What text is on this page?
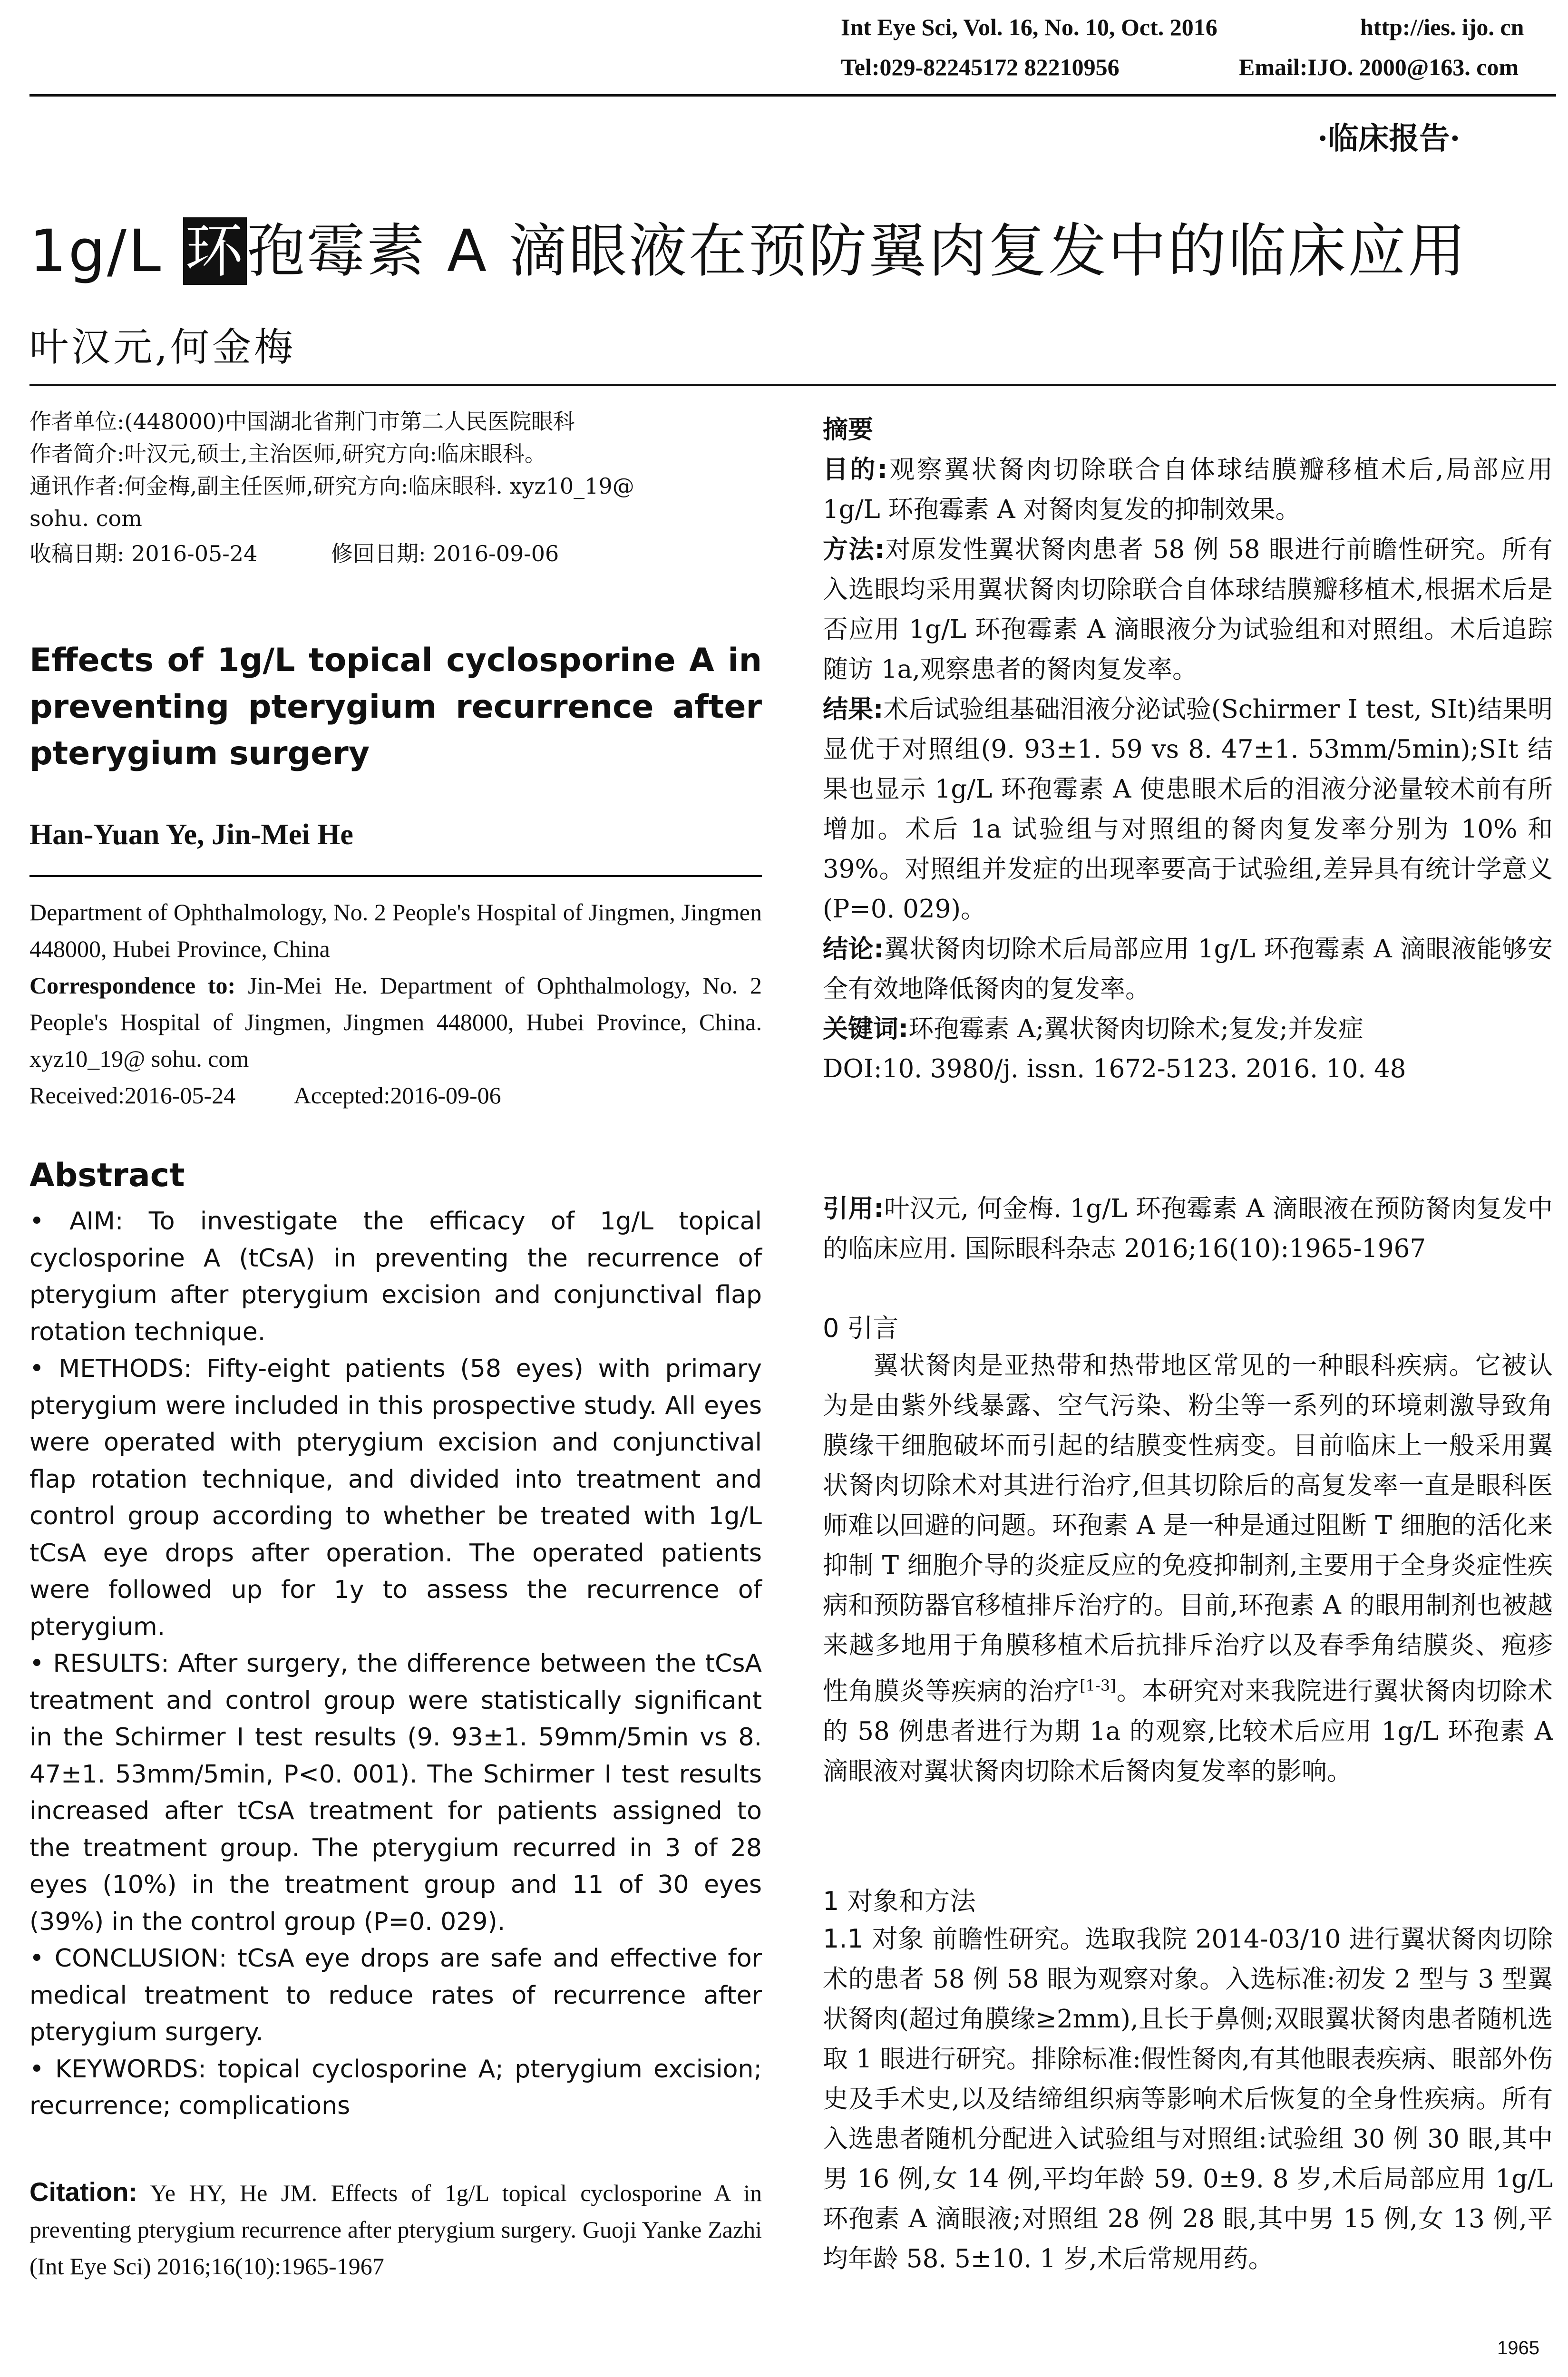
Int Eye Sci, Vol. 16, No. 10, Oct. 2016	http://ies. ijo. cn
Tel:029-82245172 82210956	Email:IJO. 2000@163. com
·临床报告·
1g/L 环孢霉素 A 滴眼液在预防翼肉复发中的临床应用
叶汉元,何金梅
作者单位:(448000)中国湖北省荆门市第二人民医院眼科
作者简介:叶汉元,硕士,主治医师,研究方向:临床眼科。
通讯作者:何金梅,副主任医师,研究方向:临床眼科. xyz10_19@
sohu. com
收稿日期: 2016-05-24	修回日期: 2016-09-06
Effects of 1g/L topical cyclosporine A in preventing pterygium recurrence after pterygium surgery
Han-Yuan Ye, Jin-Mei He
Department of Ophthalmology, No. 2 People's Hospital of Jingmen, Jingmen 448000, Hubei Province, China
Correspondence to: Jin-Mei He. Department of Ophthalmology, No. 2 People's Hospital of Jingmen, Jingmen 448000, Hubei Province, China. xyz10_19@ sohu. com
Received:2016-05-24 Accepted:2016-09-06
Abstract

• AIM: To investigate the efficacy of 1g/L topical cyclosporine A (tCsA) in preventing the recurrence of pterygium after pterygium excision and conjunctival flap rotation technique.

• METHODS: Fifty-eight patients (58 eyes) with primary pterygium were included in this prospective study. All eyes were operated with pterygium excision and conjunctival flap rotation technique, and divided into treatment and control group according to whether be treated with 1g/L tCsA eye drops after operation. The operated patients were followed up for 1y to assess the recurrence of pterygium.

• RESULTS: After surgery, the difference between the tCsA treatment and control group were statistically significant in the Schirmer I test results (9. 93±1. 59mm/5min vs 8. 47±1. 53mm/5min, P<0. 001). The Schirmer I test results increased after tCsA treatment for patients assigned to the treatment group. The pterygium recurred in 3 of 28 eyes (10%) in the treatment group and 11 of 30 eyes (39%) in the control group (P=0. 029).

• CONCLUSION: tCsA eye drops are safe and effective for medical treatment to reduce rates of recurrence after pterygium surgery.

• KEYWORDS: topical cyclosporine A; pterygium excision; recurrence; complications

Citation: Ye HY, He JM. Effects of 1g/L topical cyclosporine A in preventing pterygium recurrence after pterygium surgery. Guoji Yanke Zazhi (Int Eye Sci) 2016;16(10):1965-1967

摘要

目的:观察翼状胬肉切除联合自体球结膜瓣移植术后,局部应用 1g/L 环孢霉素 A 对胬肉复发的抑制效果。

方法:对原发性翼状胬肉患者 58 例 58 眼进行前瞻性研究。所有入选眼均采用翼状胬肉切除联合自体球结膜瓣移植术,根据术后是否应用 1g/L 环孢霉素 A 滴眼液分为试验组和对照组。术后追踪随访 1a,观察患者的胬肉复发率。

结果:术后试验组基础泪液分泌试验(Schirmer Ⅰ test, SⅠt)结果明显优于对照组(9. 93±1. 59 vs 8. 47±1. 53mm/5min);SⅠt 结果也显示 1g/L 环孢霉素 A 使患眼术后的泪液分泌量较术前有所增加。术后 1a 试验组与对照组的胬肉复发率分别为 10% 和 39%。对照组并发症的出现率要高于试验组,差异具有统计学意义(P=0. 029)。

结论:翼状胬肉切除术后局部应用 1g/L 环孢霉素 A 滴眼液能够安全有效地降低胬肉的复发率。

关键词:环孢霉素 A;翼状胬肉切除术;复发;并发症

DOI:10. 3980/j. issn. 1672-5123. 2016. 10. 48

引用:叶汉元, 何金梅. 1g/L 环孢霉素 A 滴眼液在预防胬肉复发中的临床应用. 国际眼科杂志 2016;16(10):1965-1967
0 引言

翼状胬肉是亚热带和热带地区常见的一种眼科疾病。它被认为是由紫外线暴露、空气污染、粉尘等一系列的环境刺激导致角膜缘干细胞破坏而引起的结膜变性病变。目前临床上一般采用翼状胬肉切除术对其进行治疗,但其切除后的高复发率一直是眼科医师难以回避的问题。环孢素 A 是一种是通过阻断 T 细胞的活化来抑制 T 细胞介导的炎症反应的免疫抑制剂,主要用于全身炎症性疾病和预防器官移植排斥治疗的。目前,环孢素 A 的眼用制剂也被越来越多地用于角膜移植术后抗排斥治疗以及春季角结膜炎、疱疹性角膜炎等疾病的治疗[1-3]。本研究对来我院进行翼状胬肉切除术的 58 例患者进行为期 1a 的观察,比较术后应用 1g/L 环孢素 A 滴眼液对翼状胬肉切除术后胬肉复发率的影响。

1 对象和方法

1.1 对象 前瞻性研究。选取我院 2014-03/10 进行翼状胬肉切除术的患者 58 例 58 眼为观察对象。入选标准:初发 2 型与 3 型翼状胬肉(超过角膜缘≥2mm),且长于鼻侧;双眼翼状胬肉患者随机选取 1 眼进行研究。排除标准:假性胬肉,有其他眼表疾病、眼部外伤史及手术史,以及结缔组织病等影响术后恢复的全身性疾病。所有入选患者随机分配进入试验组与对照组:试验组 30 例 30 眼,其中男 16 例,女 14 例,平均年龄 59. 0±9. 8 岁,术后局部应用 1g/L 环孢素 A 滴眼液;对照组 28 例 28 眼,其中男 15 例,女 13 例,平均年龄 58. 5±10. 1 岁,术后常规用药。

1965
